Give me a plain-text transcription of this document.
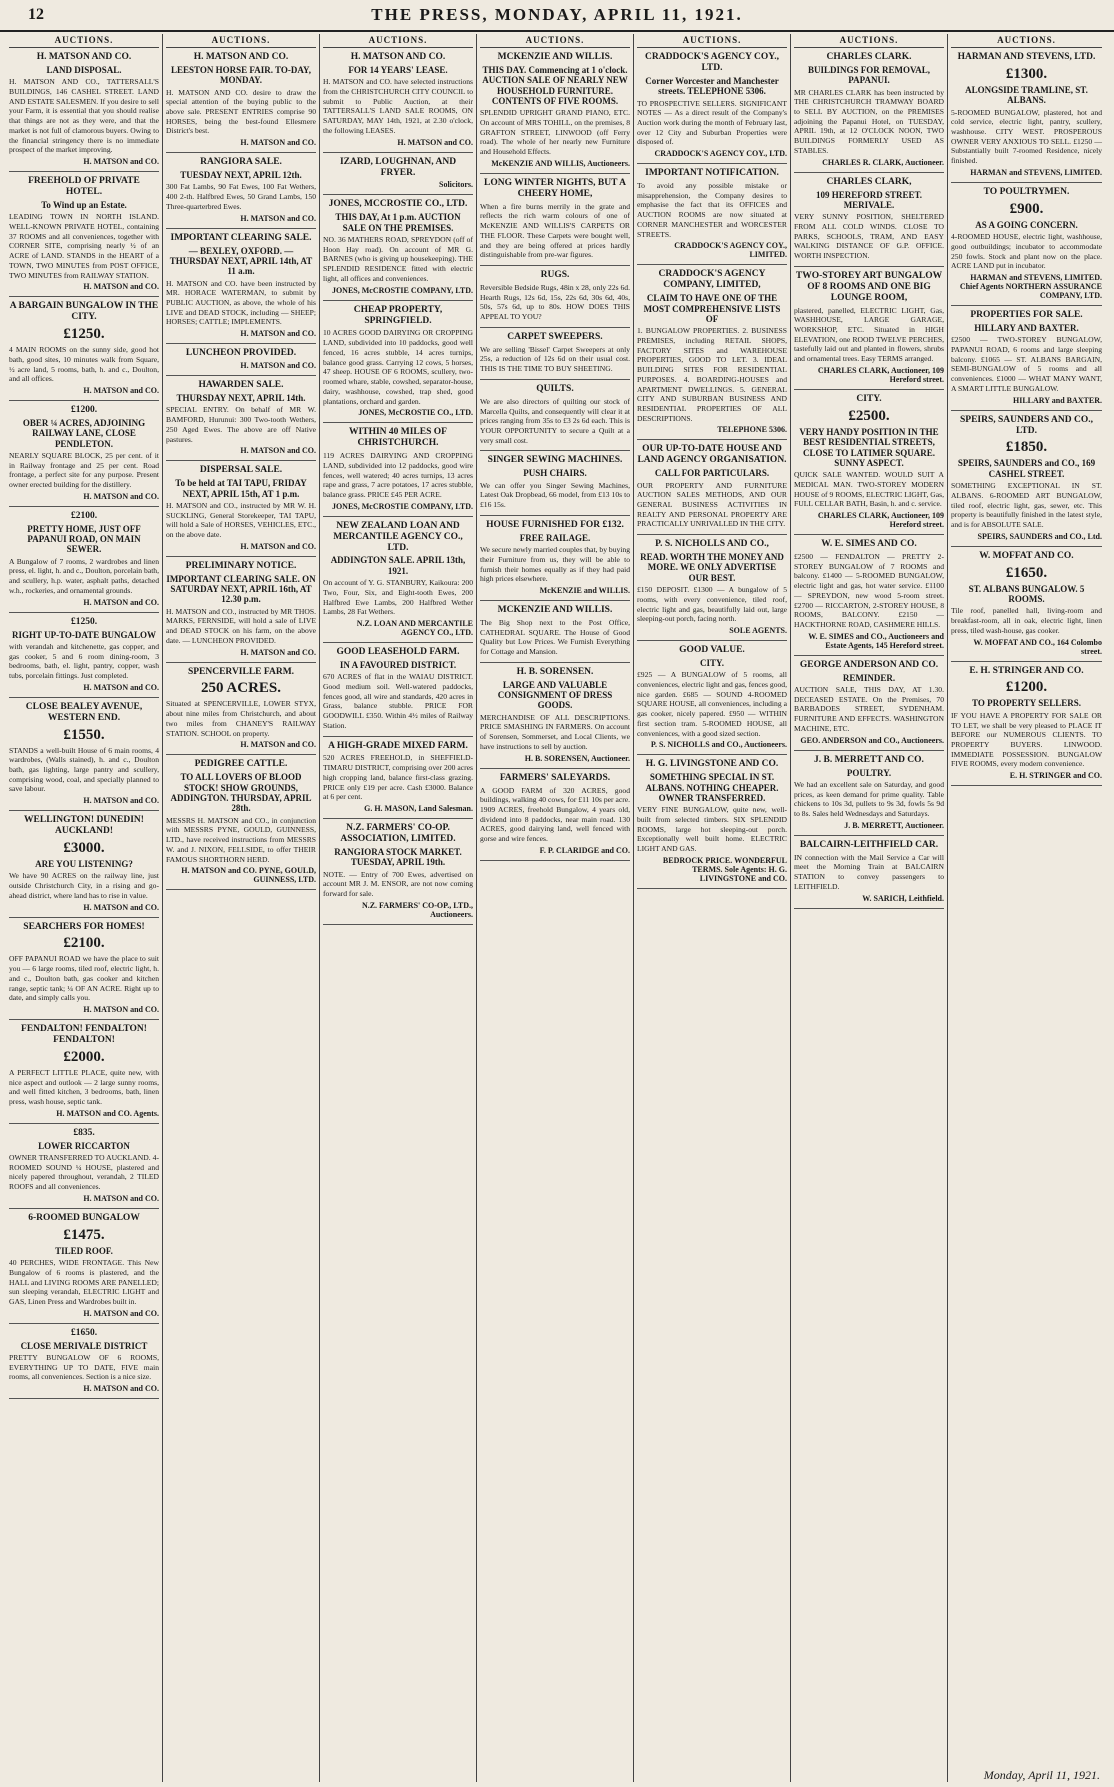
12	THE PRESS, MONDAY, APRIL 11, 1921.
AUCTIONS.
H. MATSON AND CO.
LAND DISPOSAL.
H. MATSON AND CO., TATTERSALL'S BUILDINGS, 146 CASHEL STREET. LAND AND ESTATE SALESMEN. If you desire to sell your Farm, it is essential that you should realise that things are not as they were, and that the market is not full of clamorous buyers. Owing to the financial stringency there is no immediate prospect of the market improving.
H. MATSON and CO.
FREEHOLD OF PRIVATE HOTEL.
To Wind up an Estate.
LEADING TOWN IN NORTH ISLAND. WELL-KNOWN PRIVATE HOTEL, containing 37 ROOMS and all conveniences, together with CORNER SITE, comprising nearly ½ of an ACRE of LAND. STANDS in the HEART of a TOWN, TWO MINUTES from POST OFFICE, TWO MINUTES from RAILWAY STATION.
H. MATSON and CO.
A BARGAIN BUNGALOW IN THE CITY.
£1250.
4 MAIN ROOMS on the sunny side, good hot bath, good sites, 10 minutes walk from Square, ½ acre land, 5 rooms, bath, h. and c., Doulton, and all offices.
H. MATSON and CO.
£1200.
OBER ¼ ACRES, ADJOINING RAILWAY LANE, CLOSE PENDLETON.
NEARLY SQUARE BLOCK, 25 per cent. of it in Railway frontage and 25 per cent. Road frontage, a perfect site for any purpose. Present owner erected building for the distillery.
H. MATSON and CO.
£2100.
PRETTY HOME, JUST OFF PAPANUI ROAD, ON MAIN SEWER.
A Bungalow of 7 rooms, 2 wardrobes and linen press, el. light, h. and c., Doulton, porcelain bath, and scullery, h.p. water, asphalt paths, detached w.h., rockeries, and ornamental grounds.
H. MATSON and CO.
£1250.
RIGHT UP-TO-DATE BUNGALOW
with verandah and kitchenette, gas copper, and gas cooker, 5 and 6 room dining-room, 3 bedrooms, bath, el. light, pantry, copper, wash tubs, porcelain fittings. Just completed.
H. MATSON and CO.
CLOSE BEALEY AVENUE, WESTERN END.
£1550.
STANDS a well-built House of 6 main rooms, 4 wardrobes, (Walls stained), h. and c., Doulton bath, gas lighting, large pantry and scullery, comprising wood, coal, and specially planned to save labour.
H. MATSON and CO.
WELLINGTON! DUNEDIN! AUCKLAND!
£3000.
ARE YOU LISTENING?
We have 90 ACRES on the railway line, just outside Christchurch City, in a rising and go-ahead district, where land has to rise in value.
H. MATSON and CO.
SEARCHERS FOR HOMES!
£2100.
OFF PAPANUI ROAD we have the place to suit you — 6 large rooms, tiled roof, electric light, h. and c., Doulton bath, gas cooker and kitchen range, septic tank; ¼ OF AN ACRE. Right up to date, and simply calls you.
H. MATSON and CO.
FENDALTON! FENDALTON! FENDALTON!
£2000.
A PERFECT LITTLE PLACE, quite new, with nice aspect and outlook — 2 large sunny rooms, and well fitted kitchen, 3 bedrooms, bath, linen press, wash house, septic tank.
H. MATSON and CO. Agents.
£835.
LOWER RICCARTON
OWNER TRANSFERRED TO AUCKLAND. 4-ROOMED SOUND ¼ HOUSE, plastered and nicely papered throughout, verandah, 2 TILED ROOFS and all conveniences.
H. MATSON and CO.
6-ROOMED BUNGALOW
£1475.
TILED ROOF.
40 PERCHES, WIDE FRONTAGE. This New Bungalow of 6 rooms is plastered, and the HALL and LIVING ROOMS ARE PANELLED; sun sleeping verandah, ELECTRIC LIGHT and GAS, Linen Press and Wardrobes built in.
H. MATSON and CO.
£1650.
CLOSE MERIVALE DISTRICT
PRETTY BUNGALOW OF 6 ROOMS, EVERYTHING UP TO DATE, FIVE main rooms, all conveniences. Section is a nice size.
H. MATSON and CO.
AUCTIONS.
H. MATSON AND CO.
LEESTON HORSE FAIR. TO-DAY, MONDAY.
H. MATSON AND CO. desire to draw the special attention of the buying public to the above sale. PRESENT ENTRIES comprise 90 HORSES, being the best-found Ellesmere District's best.
H. MATSON and CO.
RANGIORA SALE.
TUESDAY NEXT, APRIL 12th.
300 Fat Lambs, 90 Fat Ewes, 100 Fat Wethers, 400 2-th. Halfbred Ewes, 50 Grand Lambs, 150 Three-quarterbred Ewes.
H. MATSON and CO.
IMPORTANT CLEARING SALE.
— BEXLEY, OXFORD. — THURSDAY NEXT, APRIL 14th, AT 11 a.m.
H. MATSON and CO. have been instructed by MR. HORACE WATERMAN, to submit by PUBLIC AUCTION, as above, the whole of his LIVE and DEAD STOCK, including — SHEEP; HORSES; CATTLE; IMPLEMENTS.
H. MATSON and CO.
LUNCHEON PROVIDED.
H. MATSON and CO.
HAWARDEN SALE.
THURSDAY NEXT, APRIL 14th.
SPECIAL ENTRY. On behalf of MR W. BAMFORD, Hurunui: 300 Two-tooth Wethers, 250 Aged Ewes. The above are off Native pastures.
H. MATSON and CO.
DISPERSAL SALE.
To be held at TAI TAPU, FRIDAY NEXT, APRIL 15th, AT 1 p.m.
H. MATSON and CO., instructed by MR W. H. SUCKLING, General Storekeeper, TAI TAPU, will hold a Sale of HORSES, VEHICLES, ETC., on the above date.
H. MATSON and CO.
PRELIMINARY NOTICE.
IMPORTANT CLEARING SALE. ON SATURDAY NEXT, APRIL 16th, AT 12.30 p.m.
H. MATSON and CO., instructed by MR THOS. MARKS, FERNSIDE, will hold a sale of LIVE and DEAD STOCK on his farm, on the above date. — LUNCHEON PROVIDED.
H. MATSON and CO.
SPENCERVILLE FARM.
250 ACRES.
Situated at SPENCERVILLE, LOWER STYX, about nine miles from Christchurch, and about two miles from CHANEY'S RAILWAY STATION. SCHOOL on property.
H. MATSON and CO.
PEDIGREE CATTLE.
TO ALL LOVERS OF BLOOD STOCK! SHOW GROUNDS, ADDINGTON. THURSDAY, APRIL 28th.
MESSRS H. MATSON and CO., in conjunction with MESSRS PYNE, GOULD, GUINNESS, LTD., have received instructions from MESSRS W. and J. NIXON, FELLSIDE, to offer THEIR FAMOUS SHORTHORN HERD.
H. MATSON and CO. PYNE, GOULD, GUINNESS, LTD.
AUCTIONS.
H. MATSON AND CO.
FOR 14 YEARS' LEASE.
H. MATSON and CO. have selected instructions from the CHRISTCHURCH CITY COUNCIL to submit to Public Auction, at their TATTERSALL'S LAND SALE ROOMS, ON SATURDAY, MAY 14th, 1921, at 2.30 o'clock, the following LEASES.
H. MATSON and CO.
IZARD, LOUGHNAN, AND FRYER.
Solicitors.
JONES, MCCROSTIE CO., LTD.
THIS DAY, At 1 p.m. AUCTION SALE ON THE PREMISES.
NO. 36 MATHERS ROAD, SPREYDON (off of Hoon Hay road). On account of MR G. BARNES (who is giving up housekeeping). THE SPLENDID RESIDENCE fitted with electric light, all offices and conveniences.
JONES, McCROSTIE COMPANY, LTD.
CHEAP PROPERTY, SPRINGFIELD.
10 ACRES GOOD DAIRYING OR CROPPING LAND, subdivided into 10 paddocks, good well fenced, 16 acres stubble, 14 acres turnips, balance good grass. Carrying 12 cows, 5 horses, 47 sheep. HOUSE OF 6 ROOMS, scullery, two-roomed whare, stable, cowshed, separator-house, dairy, washhouse, cowshed, trap shed, good plantations, orchard and garden.
JONES, McCROSTIE CO., LTD.
WITHIN 40 MILES OF CHRISTCHURCH.
119 ACRES DAIRYING AND CROPPING LAND, subdivided into 12 paddocks, good wire fences, well watered; 40 acres turnips, 13 acres rape and grass, 7 acre potatoes, 17 acres stubble, balance grass. PRICE £45 PER ACRE.
JONES, McCROSTIE COMPANY, LTD.
NEW ZEALAND LOAN AND MERCANTILE AGENCY CO., LTD.
ADDINGTON SALE. APRIL 13th, 1921.
On account of Y. G. STANBURY, Kaikoura: 200 Two, Four, Six, and Eight-tooth Ewes, 200 Halfbred Ewe Lambs, 200 Halfbred Wether Lambs, 28 Fat Wethers.
N.Z. LOAN AND MERCANTILE AGENCY CO., LTD.
GOOD LEASEHOLD FARM.
IN A FAVOURED DISTRICT.
670 ACRES of flat in the WAIAU DISTRICT. Good medium soil. Well-watered paddocks, fences good, all wire and standards, 420 acres in Grass, balance stubble. PRICE FOR GOODWILL £350. Within 4½ miles of Railway Station.
A HIGH-GRADE MIXED FARM.
520 ACRES FREEHOLD, in SHEFFIELD-TIMARU DISTRICT, comprising over 200 acres high cropping land, balance first-class grazing. PRICE only £19 per acre. Cash £3000. Balance at 6 per cent.
G. H. MASON, Land Salesman.
N.Z. FARMERS' CO-OP. ASSOCIATION, LIMITED.
RANGIORA STOCK MARKET. TUESDAY, APRIL 19th.
NOTE. — Entry of 700 Ewes, advertised on account MR J. M. ENSOR, are not now coming forward for sale.
N.Z. FARMERS' CO-OP., LTD., Auctioneers.
AUCTIONS.
MCKENZIE AND WILLIS.
THIS DAY. Commencing at 1 o'clock. AUCTION SALE OF NEARLY NEW HOUSEHOLD FURNITURE. CONTENTS OF FIVE ROOMS.
SPLENDID UPRIGHT GRAND PIANO, ETC. On account of MRS TOHILL, on the premises, 8 GRAFTON STREET, LINWOOD (off Ferry road). The whole of her nearly new Furniture and Household Effects.
McKENZIE AND WILLIS, Auctioneers.
LONG WINTER NIGHTS, BUT A CHEERY HOME,
When a fire burns merrily in the grate and reflects the rich warm colours of one of McKENZIE AND WILLIS'S CARPETS OR THE FLOOR. These Carpets were bought well, and they are being offered at prices hardly distinguishable from pre-war figures.
RUGS.
Reversible Bedside Rugs, 48in x 28, only 22s 6d. Hearth Rugs, 12s 6d, 15s, 22s 6d, 30s 6d, 40s, 50s, 57s 6d, up to 80s. HOW DOES THIS APPEAL TO YOU?
CARPET SWEEPERS.
We are selling 'Bissel' Carpet Sweepers at only 25s, a reduction of 12s 6d on their usual cost. THIS IS THE TIME TO BUY SHEETING.
QUILTS.
We are also directors of quilting our stock of Marcella Quilts, and consequently will clear it at prices ranging from 35s to £3 2s 6d each. This is YOUR OPPORTUNITY to secure a Quilt at a very small cost.
SINGER SEWING MACHINES.
PUSH CHAIRS.
We can offer you Singer Sewing Machines, Latest Oak Dropbead, 66 model, from £13 10s to £16 15s.
HOUSE FURNISHED FOR £132.
FREE RAILAGE.
We secure newly married couples that, by buying their Furniture from us, they will be able to furnish their homes equally as if they had paid high prices elsewhere.
McKENZIE and WILLIS.
MCKENZIE AND WILLIS.
The Big Shop next to the Post Office, CATHEDRAL SQUARE. The House of Good Quality but Low Prices. We Furnish Everything for Cottage and Mansion.
H. B. SORENSEN.
LARGE AND VALUABLE CONSIGNMENT OF DRESS GOODS.
MERCHANDISE OF ALL DESCRIPTIONS. PRICE SMASHING IN FARMERS. On account of Sorensen, Sommerset, and Local Clients, we have instructions to sell by auction.
H. B. SORENSEN, Auctioneer.
FARMERS' SALEYARDS.
A GOOD FARM of 320 ACRES, good buildings, walking 40 cows, for £11 10s per acre. 1909 ACRES, freehold Bungalow, 4 years old, dividend into 8 paddocks, near main road. 130 ACRES, good dairying land, well fenced with gorse and wire fences.
F. P. CLARIDGE and CO.
AUCTIONS.
CRADDOCK'S AGENCY COY., LTD.
Corner Worcester and Manchester streets. TELEPHONE 5306.
TO PROSPECTIVE SELLERS. SIGNIFICANT NOTES — As a direct result of the Company's Auction work during the month of February last, over 12 City and Suburban Properties were disposed of.
CRADDOCK'S AGENCY COY., LTD.
IMPORTANT NOTIFICATION.
To avoid any possible mistake or misapprehension, the Company desires to emphasise the fact that its OFFICES and AUCTION ROOMS are now situated at CORNER MANCHESTER and WORCESTER STREETS.
CRADDOCK'S AGENCY COY., LIMITED.
CRADDOCK'S AGENCY COMPANY, LIMITED,
CLAIM TO HAVE ONE OF THE MOST COMPREHENSIVE LISTS OF
1. BUNGALOW PROPERTIES. 2. BUSINESS PREMISES, including RETAIL SHOPS, FACTORY SITES and WAREHOUSE PROPERTIES, GOOD TO LET. 3. IDEAL BUILDING SITES FOR RESIDENTIAL PURPOSES. 4. BOARDING-HOUSES and APARTMENT DWELLINGS. 5. GENERAL CITY AND SUBURBAN BUSINESS AND RESIDENTIAL PROPERTIES OF ALL DESCRIPTIONS.
TELEPHONE 5306.
OUR UP-TO-DATE HOUSE AND LAND AGENCY ORGANISATION.
CALL FOR PARTICULARS.
OUR PROPERTY AND FURNITURE AUCTION SALES METHODS, AND OUR GENERAL BUSINESS ACTIVITIES IN REALTY AND PERSONAL PROPERTY ARE PRACTICALLY UNRIVALLED IN THE CITY.
P. S. NICHOLLS AND CO.,
READ. WORTH THE MONEY AND MORE. WE ONLY ADVERTISE OUR BEST.
£150 DEPOSIT. £1300 — A bungalow of 5 rooms, with every convenience, tiled roof, electric light and gas, beautifully laid out, large sleeping-out porch, facing north.
SOLE AGENTS.
GOOD VALUE.
CITY.
£925 — A BUNGALOW of 5 rooms, all conveniences, electric light and gas, fences good, nice garden. £685 — SOUND 4-ROOMED SQUARE HOUSE, all conveniences, including a gas cooker, nicely papered. £950 — WITHIN first section tram. 5-ROOMED HOUSE, all conveniences, with a good sized section.
P. S. NICHOLLS and CO., Auctioneers.
H. G. LIVINGSTONE AND CO.
SOMETHING SPECIAL IN ST. ALBANS. NOTHING CHEAPER. OWNER TRANSFERRED.
VERY FINE BUNGALOW, quite new, well-built from selected timbers. SIX SPLENDID ROOMS, large hot sleeping-out porch. Exceptionally well built home. ELECTRIC LIGHT AND GAS.
BEDROCK PRICE. WONDERFUL TERMS. Sole Agents: H. G. LIVINGSTONE and CO.
AUCTIONS.
CHARLES CLARK.
BUILDINGS FOR REMOVAL, PAPANUI.
MR CHARLES CLARK has been instructed by THE CHRISTCHURCH TRAMWAY BOARD to SELL BY AUCTION, on the PREMISES adjoining the Papanui Hotel, on TUESDAY, APRIL 19th, at 12 O'CLOCK NOON, TWO BUILDINGS FORMERLY USED AS STABLES.
CHARLES R. CLARK, Auctioneer.
CHARLES CLARK,
109 HEREFORD STREET. MERIVALE.
VERY SUNNY POSITION, SHELTERED FROM ALL COLD WINDS. CLOSE TO PARKS, SCHOOLS, TRAM, AND EASY WALKING DISTANCE OF G.P. OFFICE. WORTH INSPECTION.
TWO-STOREY ART BUNGALOW OF 8 ROOMS AND ONE BIG LOUNGE ROOM,
plastered, panelled, ELECTRIC LIGHT, Gas, WASHHOUSE, LARGE GARAGE, WORKSHOP, ETC. Situated in HIGH ELEVATION, one ROOD TWELVE PERCHES, tastefully laid out and planted in flowers, shrubs and ornamental trees. Easy TERMS arranged.
CHARLES CLARK, Auctioneer, 109 Hereford street.
CITY.
£2500.
VERY HANDY POSITION IN THE BEST RESIDENTIAL STREETS, CLOSE TO LATIMER SQUARE. SUNNY ASPECT.
QUICK SALE WANTED. WOULD SUIT A MEDICAL MAN. TWO-STOREY MODERN HOUSE of 9 ROOMS, ELECTRIC LIGHT, Gas, FULL CELLAR BATH, Basin, h. and c. service.
CHARLES CLARK, Auctioneer, 109 Hereford street.
W. E. SIMES AND CO.
£2500 — FENDALTON — PRETTY 2-STOREY BUNGALOW of 7 ROOMS and balcony. £1400 — 5-ROOMED BUNGALOW, electric light and gas, hot water service. £1100 — SPREYDON, new wood 5-room street. £2700 — RICCARTON, 2-STOREY HOUSE, 8 ROOMS, BALCONY. £2150 — HACKTHORNE ROAD, CASHMERE HILLS.
W. E. SIMES and CO., Auctioneers and Estate Agents, 145 Hereford street.
GEORGE ANDERSON AND CO.
REMINDER.
AUCTION SALE, THIS DAY, AT 1.30. DECEASED ESTATE. On the Premises, 70 BARBADOES STREET, SYDENHAM. FURNITURE AND EFFECTS. WASHINGTON MACHINE, ETC.
GEO. ANDERSON and CO., Auctioneers.
J. B. MERRETT AND CO.
POULTRY.
We had an excellent sale on Saturday, and good prices, as keen demand for prime quality. Table chickens to 10s 3d, pullets to 9s 3d, fowls 5s 9d to 8s. Sales held Wednesdays and Saturdays.
J. B. MERRETT, Auctioneer.
BALCAIRN-LEITHFIELD CAR.
IN connection with the Mail Service a Car will meet the Morning Train at BALCAIRN STATION to convey passengers to LEITHFIELD.
W. SARICH, Leithfield.
AUCTIONS.
HARMAN AND STEVENS, LTD.
£1300.
ALONGSIDE TRAMLINE, ST. ALBANS.
5-ROOMED BUNGALOW, plastered, hot and cold service, electric light, pantry, scullery, washhouse. CITY WEST. PROSPEROUS OWNER VERY ANXIOUS TO SELL. £1250 — Substantially built 7-roomed Residence, nicely finished.
HARMAN and STEVENS, LIMITED.
TO POULTRYMEN.
£900.
AS A GOING CONCERN.
4-ROOMED HOUSE, electric light, washhouse, good outbuildings; incubator to accommodate 250 fowls. Stock and plant now on the place. ACRE LAND put in incubator.
HARMAN and STEVENS, LIMITED. Chief Agents NORTHERN ASSURANCE COMPANY, LTD.
PROPERTIES FOR SALE.
HILLARY AND BAXTER.
£2500 — TWO-STOREY BUNGALOW, PAPANUI ROAD, 6 rooms and large sleeping balcony. £1065 — ST. ALBANS BARGAIN, SEMI-BUNGALOW of 5 rooms and all conveniences. £1000 — WHAT MANY WANT, A SMART LITTLE BUNGALOW.
HILLARY and BAXTER.
SPEIRS, SAUNDERS AND CO., LTD.
£1850.
SPEIRS, SAUNDERS and CO., 169 CASHEL STREET.
SOMETHING EXCEPTIONAL IN ST. ALBANS. 6-ROOMED ART BUNGALOW, tiled roof, electric light, gas, sewer, etc. This property is beautifully finished in the latest style, and is for ABSOLUTE SALE.
SPEIRS, SAUNDERS and CO., Ltd.
W. MOFFAT AND CO.
£1650.
ST. ALBANS BUNGALOW. 5 ROOMS.
Tile roof, panelled hall, living-room and breakfast-room, all in oak, electric light, linen press, tiled wash-house, gas cooker.
W. MOFFAT AND CO., 164 Colombo street.
E. H. STRINGER AND CO.
£1200.
TO PROPERTY SELLERS.
IF YOU HAVE A PROPERTY FOR SALE OR TO LET, we shall be very pleased to PLACE IT BEFORE our NUMEROUS CLIENTS. TO PROPERTY BUYERS. LINWOOD. IMMEDIATE POSSESSION. BUNGALOW FIVE ROOMS, every modern convenience.
E. H. STRINGER and CO.
Monday, April 11, 1921.
